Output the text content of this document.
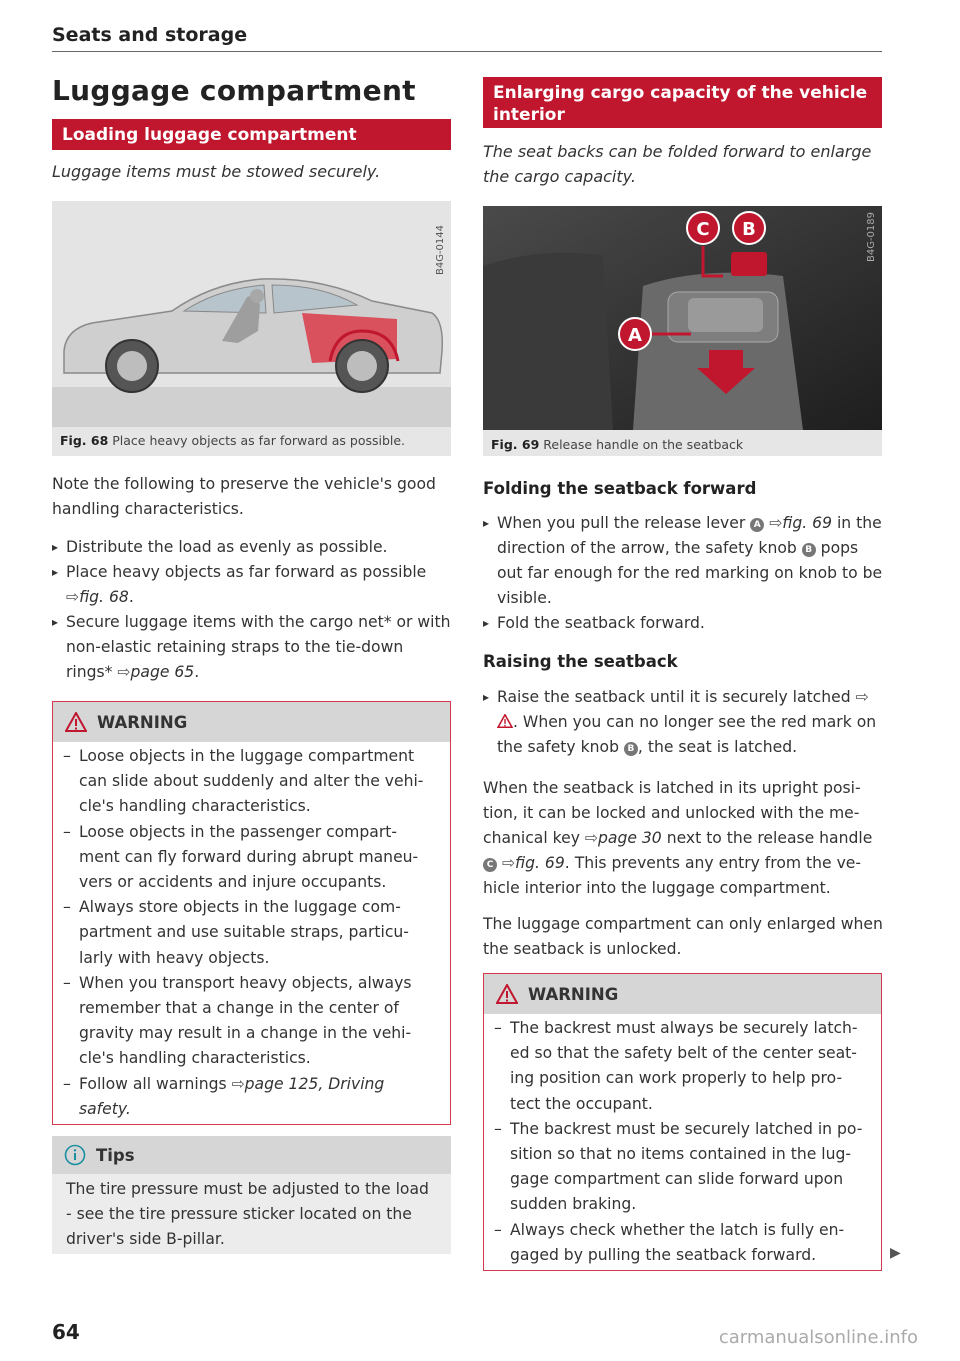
Seats and storage
Luggage compartment
Loading luggage compartment
Luggage items must be stowed securely.
B4G-0144
Fig. 68 Place heavy objects as far forward as possible.
Note the following to preserve the vehicle's good handling characteristics.
▸ Distribute the load as evenly as possible.
▸ Place heavy objects as far forward as possible ⇨fig. 68.
▸ Secure luggage items with the cargo net* or with non-elastic retaining straps to the tie-down rings* ⇨page 65.
WARNING
– Loose objects in the luggage compartment can slide about suddenly and alter the vehi-cle's handling characteristics.
– Loose objects in the passenger compart-ment can fly forward during abrupt maneu-vers or accidents and injure occupants.
– Always store objects in the luggage com-partment and use suitable straps, particu-larly with heavy objects.
– When you transport heavy objects, always remember that a change in the center of gravity may result in a change in the vehi-cle's handling characteristics.
– Follow all warnings ⇨page 125, Driving safety.
Tips
The tire pressure must be adjusted to the load - see the tire pressure sticker located on the driver's side B-pillar.
64
Enlarging cargo capacity of the vehicle interior
The seat backs can be folded forward to enlarge the cargo capacity.
C B
A
B4G-0189
Fig. 69 Release handle on the seatback
Folding the seatback forward
▸ When you pull the release lever A ⇨fig. 69 in the direction of the arrow, the safety knob B pops out far enough for the red marking on knob to be visible.
▸ Fold the seatback forward.
Raising the seatback
▸ Raise the seatback until it is securely latched ⇨. When you can no longer see the red mark on the safety knob B , the seat is latched.
When the seatback is latched in its upright posi-tion, it can be locked and unlocked with the me-chanical key ⇨page 30 next to the release handle C ⇨fig. 69. This prevents any entry from the ve-hicle interior into the luggage compartment.
The luggage compartment can only enlarged when the seatback is unlocked.
WARNING
– The backrest must always be securely latch-ed so that the safety belt of the center seat-ing position can work properly to help pro-tect the occupant.
– The backrest must be securely latched in po-sition so that no items contained in the lug-gage compartment can slide forward upon sudden braking.
– Always check whether the latch is fully en-gaged by pulling the seatback forward.	▶
carmanualsonline.info
